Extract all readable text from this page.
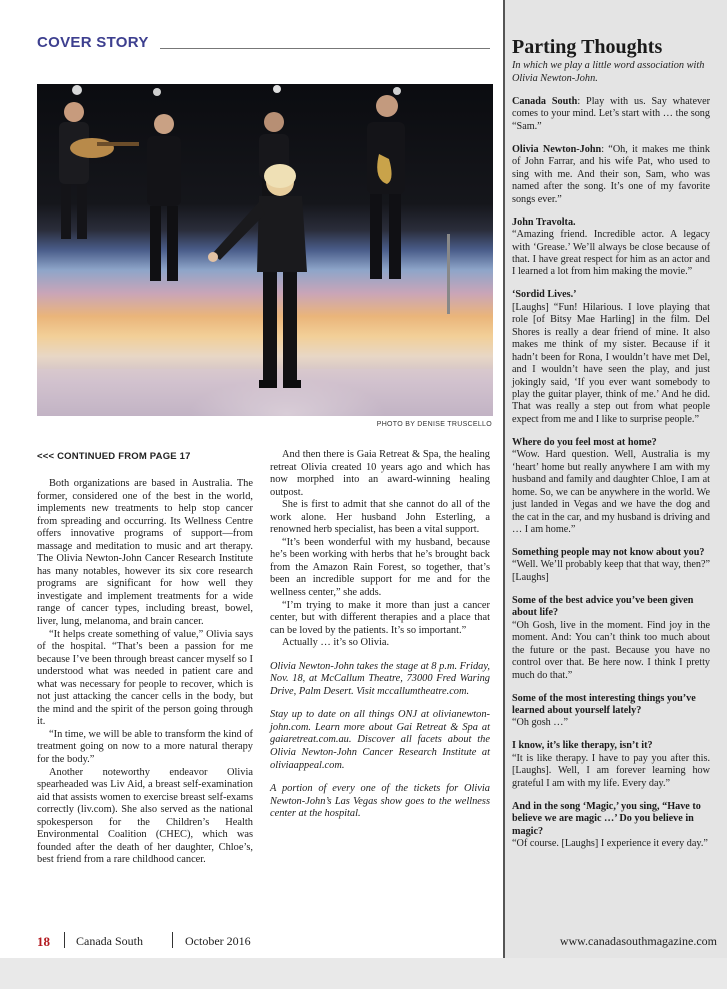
COVER STORY
PHOTO BY DENISE TRUSCELLO
<<< CONTINUED FROM PAGE 17

Both organizations are based in Australia. The former, considered one of the best in the world, implements new treatments to help stop cancer from spreading and occurring. Its Wellness Centre offers innovative programs of support—from massage and meditation to music and art therapy. The Olivia Newton-John Cancer Research Institute has many notables, however its six core research programs are significant for how well they investigate and implement treatments for a wide range of cancer types, including breast, bowel, liver, lung, melanoma, and brain cancer.

“It helps create something of value,” Olivia says of the hospital. “That’s been a passion for me because I’ve been through breast cancer myself so I understood what was needed in patient care and what was necessary for people to recover, which is not just attacking the cancer cells in the body, but the mind and the spirit of the person going through it.

“In time, we will be able to transform the kind of treatment going on now to a more natural therapy for the body.”

Another noteworthy endeavor Olivia spearheaded was Liv Aid, a breast self-examination aid that assists women to exercise breast self-exams correctly (liv.com). She also served as the national spokesperson for the Children’s Health Environmental Coalition (CHEC), which was founded after the death of her daughter, Chloe’s, best friend from a rare childhood cancer.

And then there is Gaia Retreat & Spa, the healing retreat Olivia created 10 years ago and which has now morphed into an award-winning healing outpost.

She is first to admit that she cannot do all of the work alone. Her husband John Esterling, a renowned herb specialist, has been a vital support.

“It’s been wonderful with my husband, because he’s been working with herbs that he’s brought back from the Amazon Rain Forest, so together, that’s been an incredible support for me and for the wellness center,” she adds.

“I’m trying to make it more than just a cancer center, but with different therapies and a place that can be loved by the patients. It’s so important.”

Actually … it’s so Olivia.

Olivia Newton-John takes the stage at 8 p.m. Friday, Nov. 18, at McCallum Theatre, 73000 Fred Waring Drive, Palm Desert. Visit mccallumtheatre.com.

Stay up to date on all things ONJ at olivianewton-john.com. Learn more about Gai Retreat & Spa at gaiaretreat.com.au. Discover all facets about the Olivia Newton-John Cancer Research Institute at oliviaappeal.com.

A portion of every one of the tickets for Olivia Newton-John’s Las Vegas show goes to the wellness center at the hospital.

Parting Thoughts
In which we play a little word association with Olivia Newton-John.

Canada South: Play with us. Say whatever comes to your mind. Let’s start with … the song “Sam.”

Olivia Newton-John: “Oh, it makes me think of John Farrar, and his wife Pat, who used to sing with me. And their son, Sam, who was named after the song. It’s one of my favorite songs ever.”

John Travolta.
“Amazing friend. Incredible actor. A legacy with ‘Grease.’ We’ll always be close because of that. I have great respect for him as an actor and I learned a lot from him making the movie.”

‘Sordid Lives.’
[Laughs] “Fun! Hilarious. I love playing that role [of Bitsy Mae Harling] in the film. Del Shores is really a dear friend of mine. It also makes me think of my sister. Because if it hadn’t been for Rona, I wouldn’t have met Del, and I wouldn’t have seen the play, and just jokingly said, ‘If you ever want somebody to play the guitar player, think of me.’ And he did. That was really a step out from what people expect from me and I like to surprise people.”

Where do you feel most at home?
“Wow. Hard question. Well, Australia is my ‘heart’ home but really anywhere I am with my husband and family and daughter Chloe, I am at home. So, we can be anywhere in the world. We just landed in Vegas and we have the dog and the cat in the car, and my husband is driving and … I am home.”

Something people may not know about you?
“Well. We’ll probably keep that that way, then?” [Laughs]

Some of the best advice you’ve been given about life?
“Oh Gosh, live in the moment. Find joy in the moment. And: You can’t think too much about the future or the past. Because you have no control over that. Be here now. I think I pretty much do that.”

Some of the most interesting things you’ve learned about yourself lately?
“Oh gosh …”

I know, it’s like therapy, isn’t it?
“It is like therapy. I have to pay you after this. [Laughs]. Well, I am forever learning how grateful I am with my life. Every day.”

And in the song ‘Magic,’ you sing, “Have to believe we are magic …’ Do you believe in magic?
“Of course. [Laughs] I experience it every day.”

18 Canada South	October 2016	www.canadasouthmagazine.com
